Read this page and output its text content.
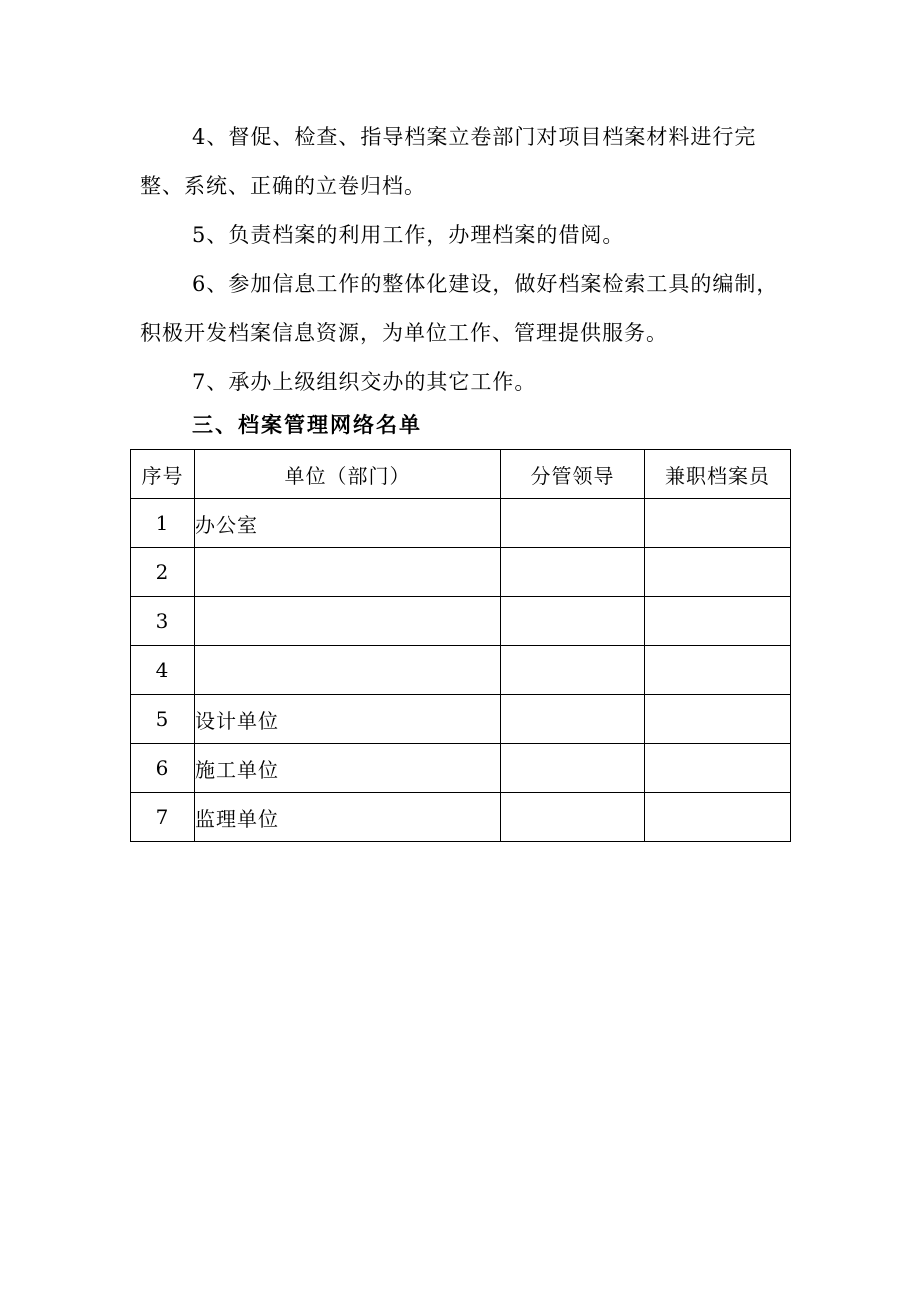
4、督促、检查、指导档案立卷部门对项目档案材料进行完
整、系统、正确的立卷归档。

5、负责档案的利用工作，办理档案的借阅。

6、参加信息工作的整体化建设，做好档案检索工具的编制，
积极开发档案信息资源，为单位工作、管理提供服务。

7、承办上级组织交办的其它工作。

三、档案管理网络名单
序号	单位（部门）	分管领导	兼职档案员
1	办公室		
2			
3			
4			
5	设计单位		
6	施工单位		
7	监理单位		
